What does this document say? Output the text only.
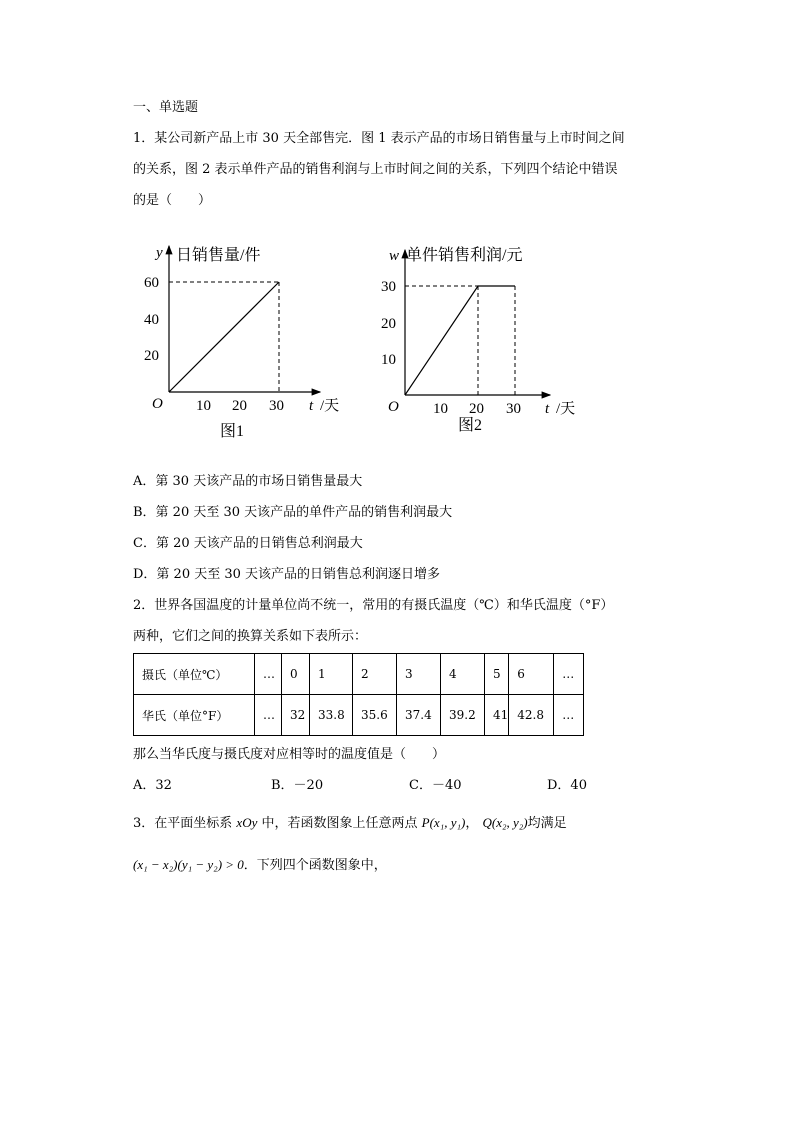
一、单选题
1．某公司新产品上市 30 天全部售完．图 1 表示产品的市场日销售量与上市时间之间
的关系，图 2 表示单件产品的销售利润与上市时间之间的关系，下列四个结论中错误
的是（　　）
y 日销售量/件
60
40
20
O 10 20 30 t /天
图1
w 单件销售利润/元
30
20
10
O 10 20 30 t /天
图2
A．第 30 天该产品的市场日销售量最大
B．第 20 天至 30 天该产品的单件产品的销售利润最大
C．第 20 天该产品的日销售总利润最大
D．第 20 天至 30 天该产品的日销售总利润逐日增多
2．世界各国温度的计量单位尚不统一，常用的有摄氏温度（℃）和华氏温度（°F）
两种，它们之间的换算关系如下表所示：
摄氏（单位℃）	…	0	1	2	3	4	5	6	…
华氏（单位°F）	…	32	33.8	35.6	37.4	39.2	41	42.8	…
那么当华氏度与摄氏度对应相等时的温度值是（　　）
A．32	B．－20	C．－40	D．40
3．在平面坐标系 xOy 中，若函数图象上任意两点 P(x₁, y₁)， Q(x₂, y₂)均满足
(x₁ − x₂)(y₁ − y₂) > 0．下列四个函数图象中，
